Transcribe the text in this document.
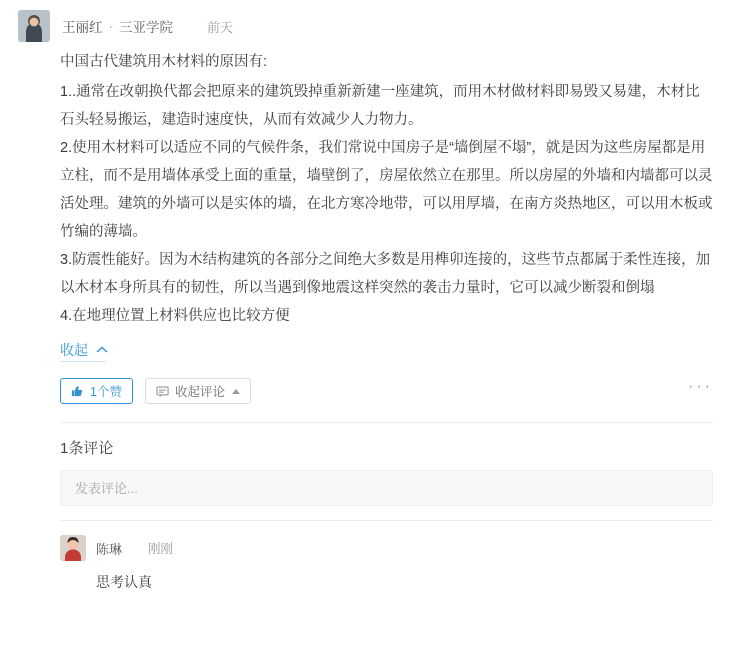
王丽红 · 三亚学院	前天

中国古代建筑用木材料的原因有:

1..通常在改朝换代都会把原来的建筑毁掉重新新建一座建筑，而用木材做材料即易毁又易建，木材比石头轻易搬运，建造时速度快，从而有效减少人力物力。

2.使用木材料可以适应不同的气候件条，我们常说中国房子是“墙倒屋不塌”，就是因为这些房屋都是用立柱，而不是用墙体承受上面的重量，墙壁倒了，房屋依然立在那里。所以房屋的外墙和内墙都可以灵活处理。建筑的外墙可以是实体的墙，在北方寒冷地带，可以用厚墙，在南方炎热地区，可以用木板或竹编的薄墙。

3.防震性能好。因为木结构建筑的各部分之间绝大多数是用榫卯连接的，这些节点都属于柔性连接，加以木材本身所具有的韧性，所以当遇到像地震这样突然的袭击力量时，它可以减少断裂和倒塌

4.在地理位置上材料供应也比较方便

收起
1个赞	收起评论	···
1条评论
发表评论...
陈琳 刚刚
思考认真
